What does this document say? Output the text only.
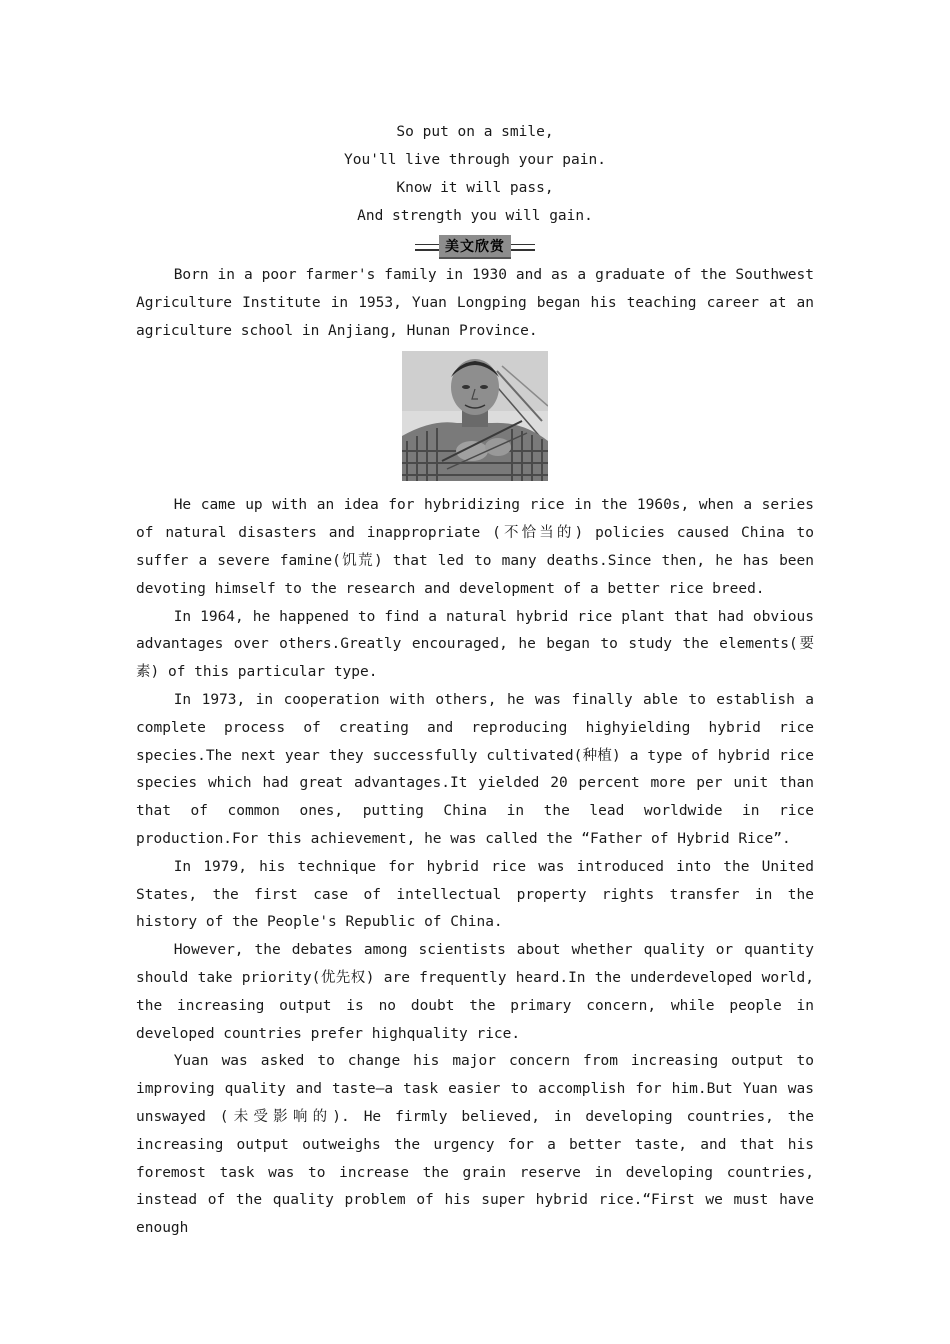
So put on a smile,
You'll live through your pain.
Know it will pass,
And strength you will gain.
美文欣赏

Born in a poor farmer's family in 1930 and as a graduate of the Southwest Agriculture Institute in 1953, Yuan Longping began his teaching career at an agriculture school in Anjiang, Hunan Province.

He came up with an idea for hybridizing rice in the 1960s, when a series of natural disasters and inappropriate (不恰当的) policies caused China to suffer a severe famine(饥荒) that led to many deaths.Since then, he has been devoting himself to the research and development of a better rice breed.

In 1964, he happened to find a natural hybrid rice plant that had obvious advantages over others.Greatly encouraged, he began to study the elements(要素) of this particular type.

In 1973, in cooperation with others, he was finally able to establish a complete process of creating and reproducing highyielding hybrid rice species.The next year they successfully cultivated(种植) a type of hybrid rice species which had great advantages.It yielded 20 percent more per unit than that of common ones, putting China in the lead worldwide in rice production.For this achievement, he was called the “Father of Hybrid Rice”.

In 1979, his technique for hybrid rice was introduced into the United States, the first case of intellectual property rights transfer in the history of the People's Republic of China.

However, the debates among scientists about whether quality or quantity should take priority(优先权) are frequently heard.In the underdeveloped world, the increasing output is no doubt the primary concern, while people in developed countries prefer highquality rice.

Yuan was asked to change his major concern from increasing output to improving quality and taste—a task easier to accomplish for him.But Yuan was unswayed (未受影响的). He firmly believed, in developing countries, the increasing output outweighs the urgency for a better taste, and that his foremost task was to increase the grain reserve in developing countries, instead of the quality problem of his super hybrid rice.“First we must have enough
